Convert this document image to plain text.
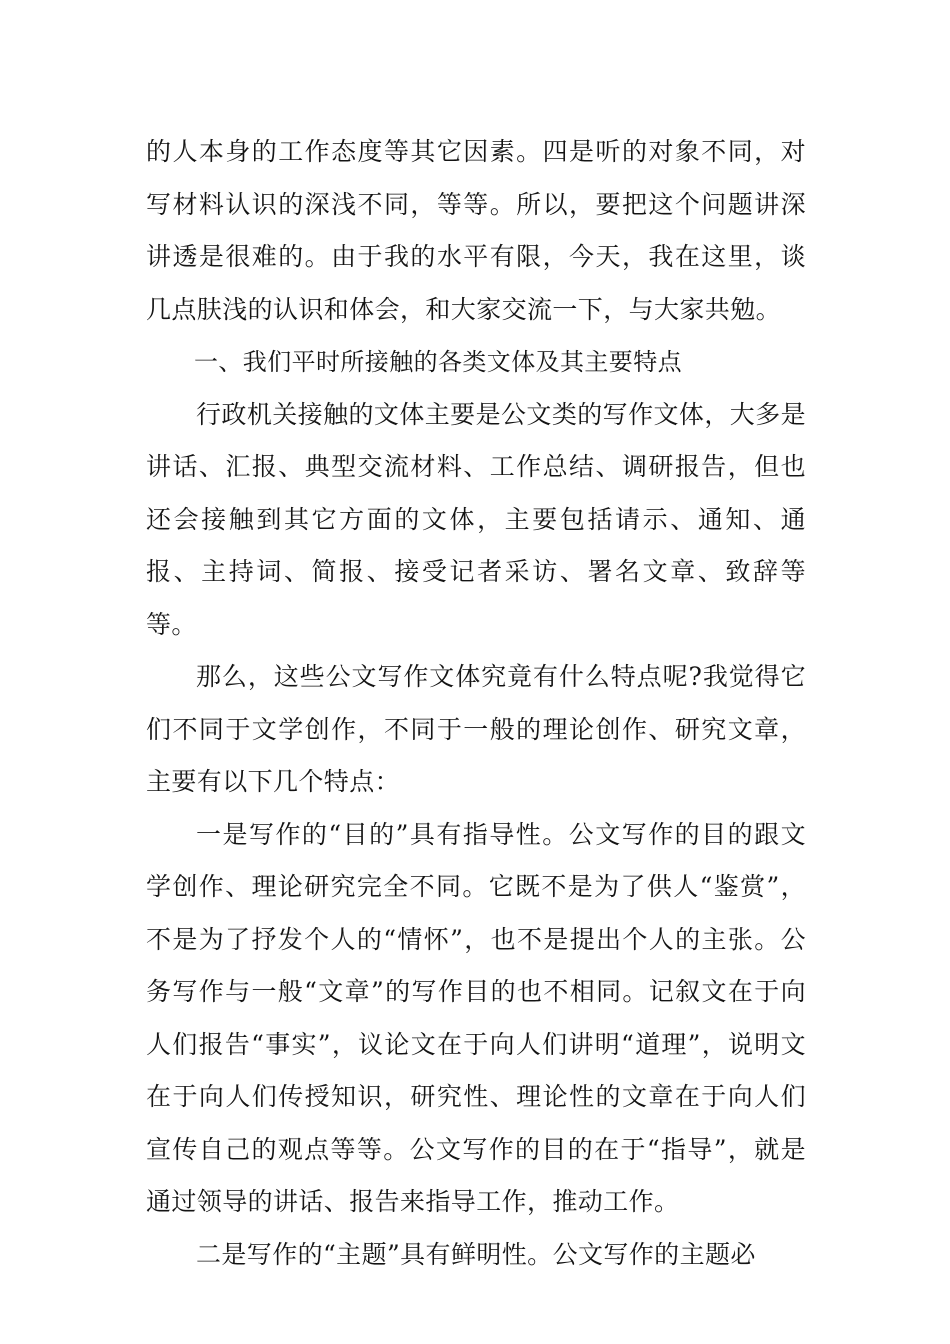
的人本身的工作态度等其它因素。四是听的对象不同，对写材料认识的深浅不同，等等。所以，要把这个问题讲深讲透是很难的。由于我的水平有限，今天，我在这里，谈几点肤浅的认识和体会，和大家交流一下，与大家共勉。

一、我们平时所接触的各类文体及其主要特点

行政机关接触的文体主要是公文类的写作文体，大多是讲话、汇报、典型交流材料、工作总结、调研报告，但也还会接触到其它方面的文体，主要包括请示、通知、通报、主持词、简报、接受记者采访、署名文章、致辞等等。

那么，这些公文写作文体究竟有什么特点呢?我觉得它们不同于文学创作，不同于一般的理论创作、研究文章，主要有以下几个特点：

一是写作的“目的”具有指导性。公文写作的目的跟文学创作、理论研究完全不同。它既不是为了供人“鉴赏”，不是为了抒发个人的“情怀”，也不是提出个人的主张。公务写作与一般“文章”的写作目的也不相同。记叙文在于向人们报告“事实”，议论文在于向人们讲明“道理”，说明文在于向人们传授知识，研究性、理论性的文章在于向人们宣传自己的观点等等。公文写作的目的在于“指导”，就是通过领导的讲话、报告来指导工作，推动工作。

二是写作的“主题”具有鲜明性。公文写作的主题必
